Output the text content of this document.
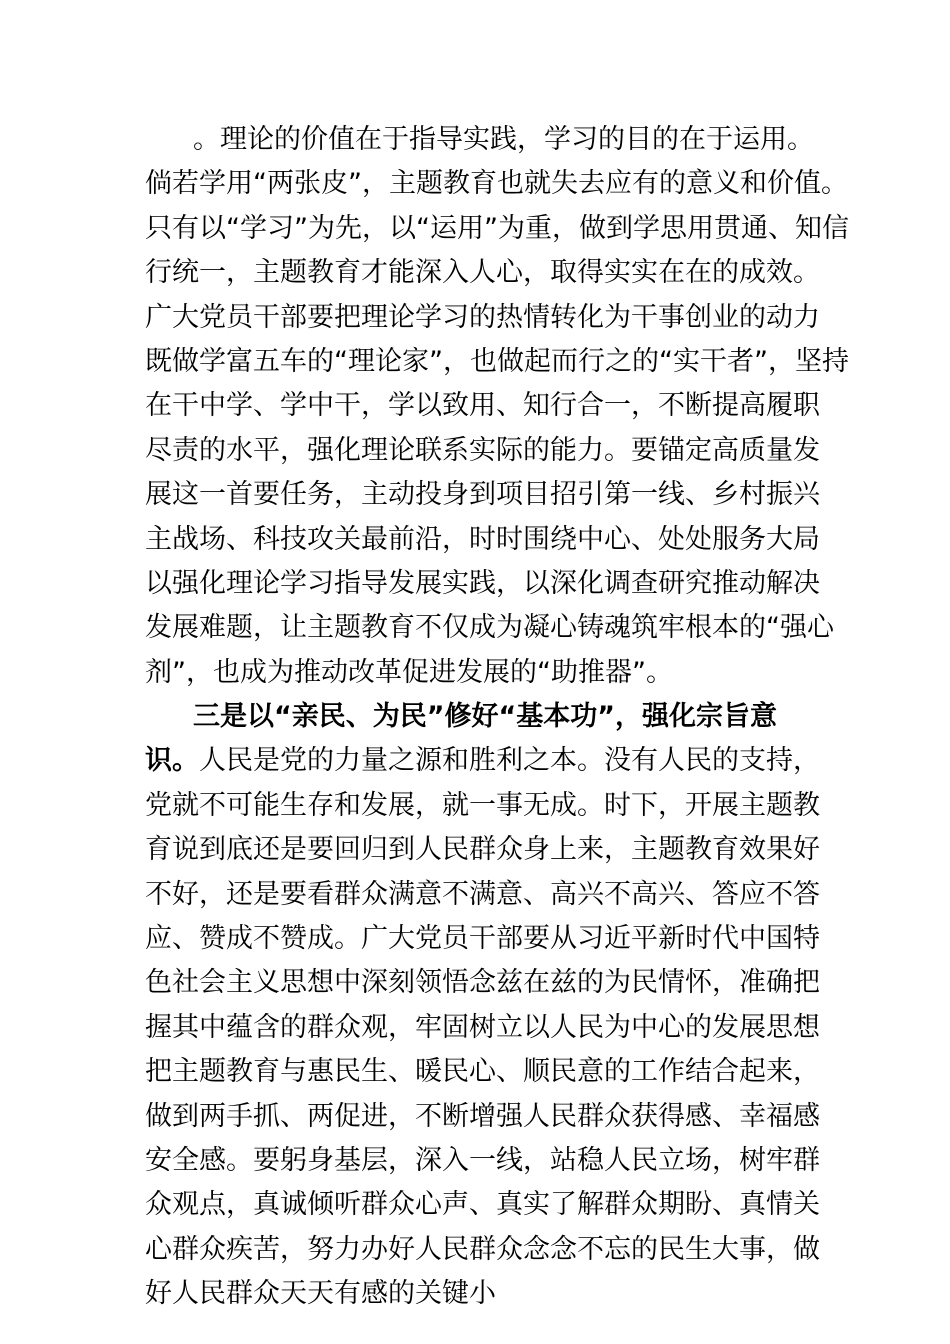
。理论的价值在于指导实践，学习的目的在于运用。
倘若学用“两张皮”，主题教育也就失去应有的意义和价值。
只有以“学习”为先，以“运用”为重，做到学思用贯通、知信
行统一，主题教育才能深入人心，取得实实在在的成效。
广大党员干部要把理论学习的热情转化为干事创业的动力
既做学富五车的“理论家”，也做起而行之的“实干者”，坚持
在干中学、学中干，学以致用、知行合一，不断提高履职
尽责的水平，强化理论联系实际的能力。要锚定高质量发
展这一首要任务，主动投身到项目招引第一线、乡村振兴
主战场、科技攻关最前沿，时时围绕中心、处处服务大局
以强化理论学习指导发展实践，以深化调查研究推动解决
发展难题，让主题教育不仅成为凝心铸魂筑牢根本的“强心
剂”，也成为推动改革促进发展的“助推器”。
三是以“亲民、为民”修好“基本功”，强化宗旨意
识。人民是党的力量之源和胜利之本。没有人民的支持，
党就不可能生存和发展，就一事无成。时下，开展主题教
育说到底还是要回归到人民群众身上来，主题教育效果好
不好，还是要看群众满意不满意、高兴不高兴、答应不答
应、赞成不赞成。广大党员干部要从习近平新时代中国特
色社会主义思想中深刻领悟念兹在兹的为民情怀，准确把
握其中蕴含的群众观，牢固树立以人民为中心的发展思想
把主题教育与惠民生、暖民心、顺民意的工作结合起来，
做到两手抓、两促进，不断增强人民群众获得感、幸福感
安全感。要躬身基层，深入一线，站稳人民立场，树牢群
众观点，真诚倾听群众心声、真实了解群众期盼、真情关
心群众疾苦，努力办好人民群众念念不忘的民生大事，做
好人民群众天天有感的关键小
